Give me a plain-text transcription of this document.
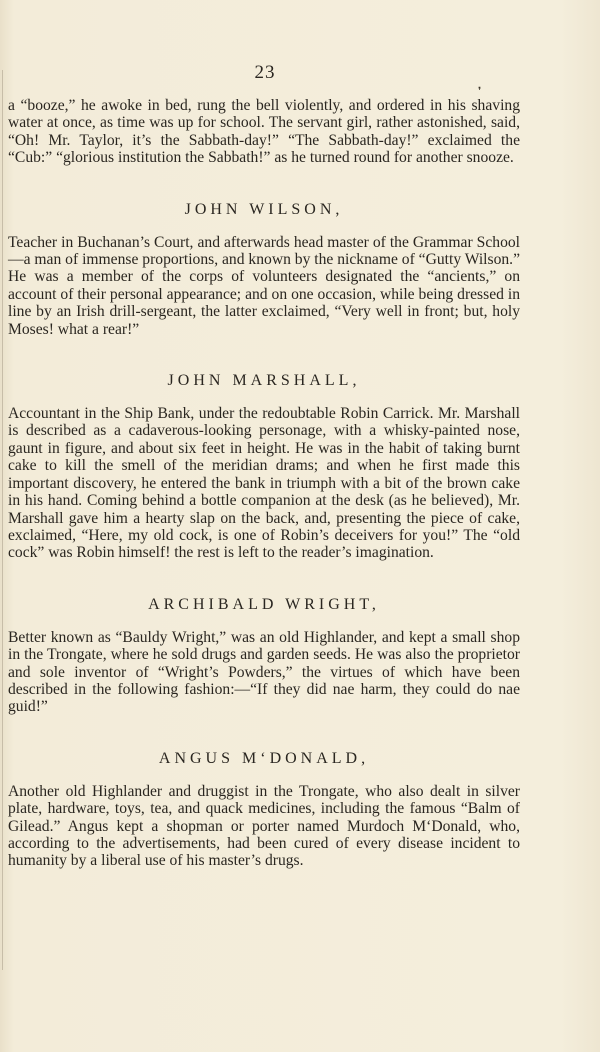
23
❜

a “booze,” he awoke in bed, rung the bell violently, and ordered in his shaving water at once, as time was up for school. The servant girl, rather astonished, said, “Oh! Mr. Taylor, it’s the Sabbath-day!” “The Sabbath-day!” exclaimed the “Cub:” “glorious institution the Sabbath!” as he turned round for another snooze.

JOHN WILSON,

Teacher in Buchanan’s Court, and afterwards head master of the Grammar School—a man of immense proportions, and known by the nickname of “Gutty Wilson.” He was a member of the corps of volunteers designated the “ancients,” on account of their personal appearance; and on one occasion, while being dressed in line by an Irish drill-sergeant, the latter exclaimed, “Very well in front; but, holy Moses! what a rear!”

JOHN MARSHALL,

Accountant in the Ship Bank, under the redoubtable Robin Carrick. Mr. Marshall is described as a cadaverous-looking personage, with a whisky-painted nose, gaunt in figure, and about six feet in height. He was in the habit of taking burnt cake to kill the smell of the meridian drams; and when he first made this important discovery, he entered the bank in triumph with a bit of the brown cake in his hand. Coming behind a bottle companion at the desk (as he believed), Mr. Marshall gave him a hearty slap on the back, and, presenting the piece of cake, exclaimed, “Here, my old cock, is one of Robin’s deceivers for you!” The “old cock” was Robin himself! the rest is left to the reader’s imagination.

ARCHIBALD WRIGHT,

Better known as “Bauldy Wright,” was an old Highlander, and kept a small shop in the Trongate, where he sold drugs and garden seeds. He was also the proprietor and sole inventor of “Wright’s Powders,” the virtues of which have been described in the following fashion:—“If they did nae harm, they could do nae guid!”

ANGUS M‘DONALD,

Another old Highlander and druggist in the Trongate, who also dealt in silver plate, hardware, toys, tea, and quack medicines, including the famous “Balm of Gilead.” Angus kept a shopman or porter named Murdoch M‘Donald, who, according to the advertisements, had been cured of every disease incident to humanity by a liberal use of his master’s drugs.
